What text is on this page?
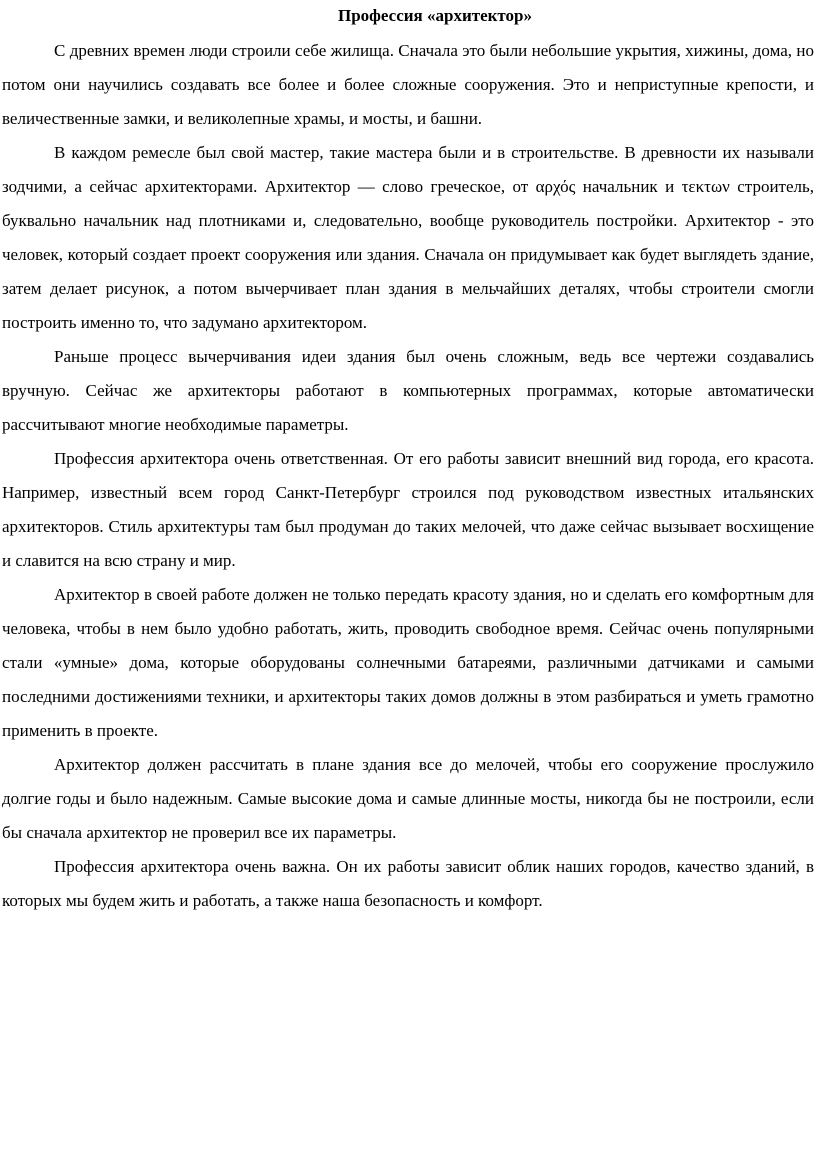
Профессия «архитектор»

С древних времен люди строили себе жилища. Сначала это были небольшие укрытия, хижины, дома, но потом они научились создавать все более и более сложные сооружения. Это и неприступные крепости, и величественные замки, и великолепные храмы, и мосты, и башни.

В каждом ремесле был свой мастер, такие мастера были и в строительстве. В древности их называли зодчими, а сейчас архитекторами. Архитектор — слово греческое, от αρχός начальник и τεκτων строитель, буквально начальник над плотниками и, следовательно, вообще руководитель постройки. Архитектор - это человек, который создает проект сооружения или здания. Сначала он придумывает как будет выглядеть здание, затем делает рисунок, а потом вычерчивает план здания в мельчайших деталях, чтобы строители смогли построить именно то, что задумано архитектором.

Раньше процесс вычерчивания идеи здания был очень сложным, ведь все чертежи создавались вручную. Сейчас же архитекторы работают в компьютерных программах, которые автоматически рассчитывают многие необходимые параметры.

Профессия архитектора очень ответственная. От его работы зависит внешний вид города, его красота. Например, известный всем город Санкт-Петербург строился под руководством известных итальянских архитекторов. Стиль архитектуры там был продуман до таких мелочей, что даже сейчас вызывает восхищение и славится на всю страну и мир.

Архитектор в своей работе должен не только передать красоту здания, но и сделать его комфортным для человека, чтобы в нем было удобно работать, жить, проводить свободное время. Сейчас очень популярными стали «умные» дома, которые оборудованы солнечными батареями, различными датчиками и самыми последними достижениями техники, и архитекторы таких домов должны в этом разбираться и уметь грамотно применить в проекте.

Архитектор должен рассчитать в плане здания все до мелочей, чтобы его сооружение прослужило долгие годы и было надежным. Самые высокие дома и самые длинные мосты, никогда бы не построили, если бы сначала архитектор не проверил все их параметры.

Профессия архитектора очень важна. Он их работы зависит облик наших городов, качество зданий, в которых мы будем жить и работать, а также наша безопасность и комфорт.
